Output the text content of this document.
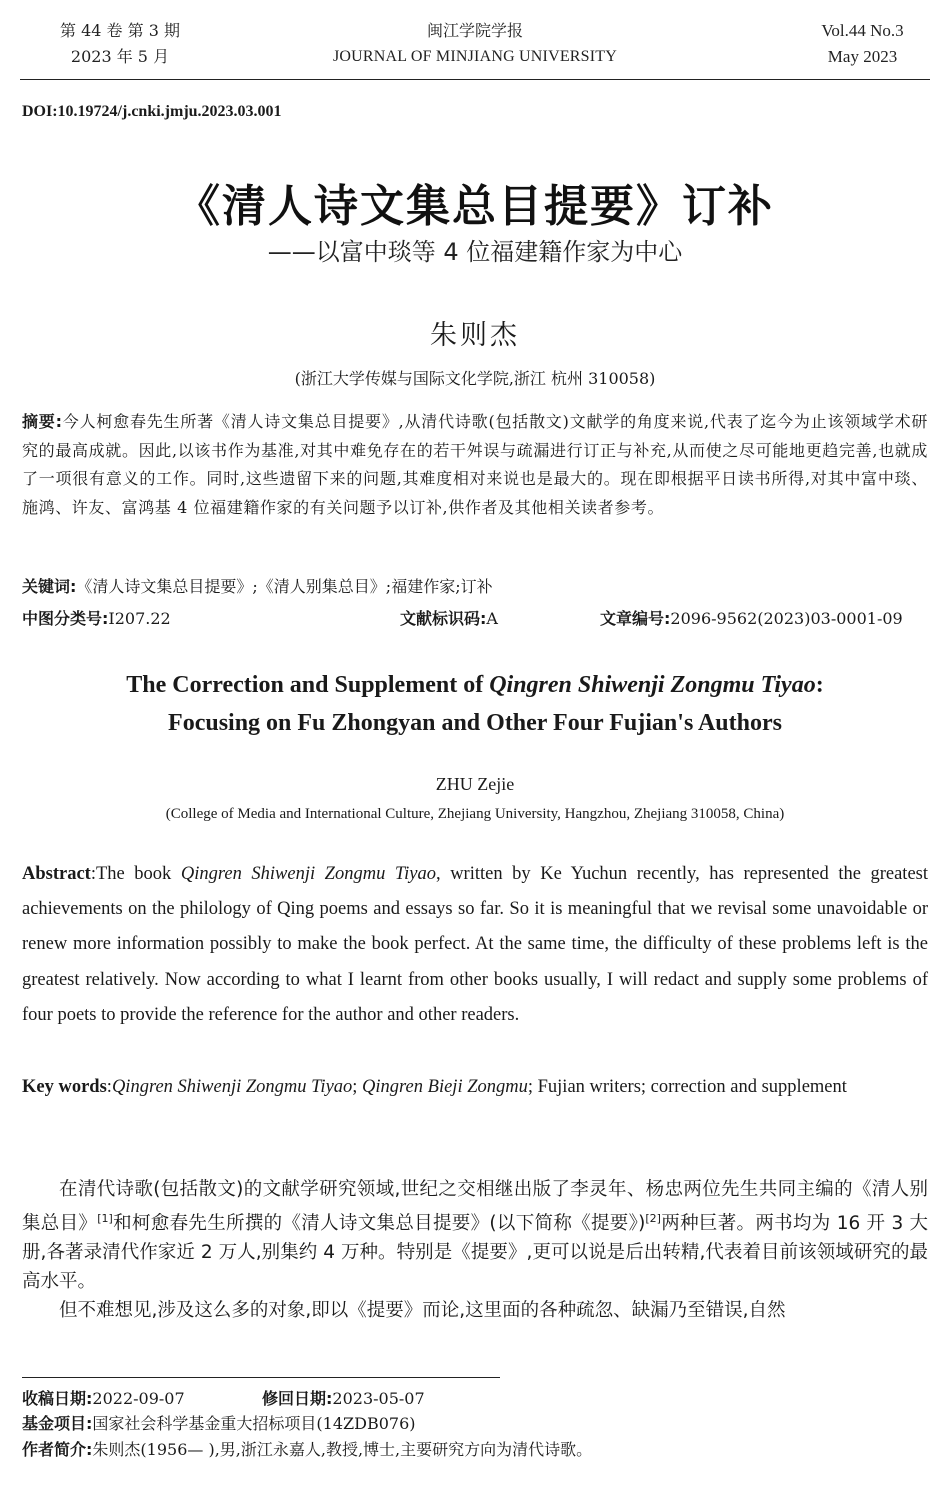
第 44 卷 第 3 期
2023 年 5 月
闽江学院学报
JOURNAL OF MINJIANG UNIVERSITY
Vol.44 No.3
May 2023
DOI:10.19724/j.cnki.jmju.2023.03.001
《清人诗文集总目提要》订补
——以富中琰等 4 位福建籍作家为中心
朱则杰
(浙江大学传媒与国际文化学院,浙江 杭州 310058)
摘要:今人柯愈春先生所著《清人诗文集总目提要》,从清代诗歌(包括散文)文献学的角度来说,代表了迄今为止该领域学术研究的最高成就。因此,以该书作为基准,对其中难免存在的若干舛误与疏漏进行订正与补充,从而使之尽可能地更趋完善,也就成了一项很有意义的工作。同时,这些遗留下来的问题,其难度相对来说也是最大的。现在即根据平日读书所得,对其中富中琰、施鸿、许友、富鸿基 4 位福建籍作家的有关问题予以订补,供作者及其他相关读者参考。
关键词:《清人诗文集总目提要》;《清人别集总目》;福建作家;订补
中图分类号:I207.22	文献标识码:A	文章编号:2096-9562(2023)03-0001-09
The Correction and Supplement of Qingren Shiwenji Zongmu Tiyao:
Focusing on Fu Zhongyan and Other Four Fujian's Authors
ZHU Zejie
(College of Media and International Culture, Zhejiang University, Hangzhou, Zhejiang 310058, China)
Abstract:The book Qingren Shiwenji Zongmu Tiyao, written by Ke Yuchun recently, has represented the greatest achievements on the philology of Qing poems and essays so far. So it is meaningful that we revisal some unavoidable or renew more information possibly to make the book perfect. At the same time, the difficulty of these problems left is the greatest relatively. Now according to what I learnt from other books usually, I will redact and supply some problems of four poets to provide the reference for the author and other readers.
Key words:Qingren Shiwenji Zongmu Tiyao; Qingren Bieji Zongmu; Fujian writers; correction and supplement

在清代诗歌(包括散文)的文献学研究领域,世纪之交相继出版了李灵年、杨忠两位先生共同主编的《清人别集总目》[1]和柯愈春先生所撰的《清人诗文集总目提要》(以下简称《提要》)[2]两种巨著。两书均为 16 开 3 大册,各著录清代作家近 2 万人,别集约 4 万种。特别是《提要》,更可以说是后出转精,代表着目前该领域研究的最高水平。

但不难想见,涉及这么多的对象,即以《提要》而论,这里面的各种疏忽、缺漏乃至错误,自然

收稿日期:2022-09-07	修回日期:2023-05-07
基金项目:国家社会科学基金重大招标项目(14ZDB076)
作者简介:朱则杰(1956— ),男,浙江永嘉人,教授,博士,主要研究方向为清代诗歌。
